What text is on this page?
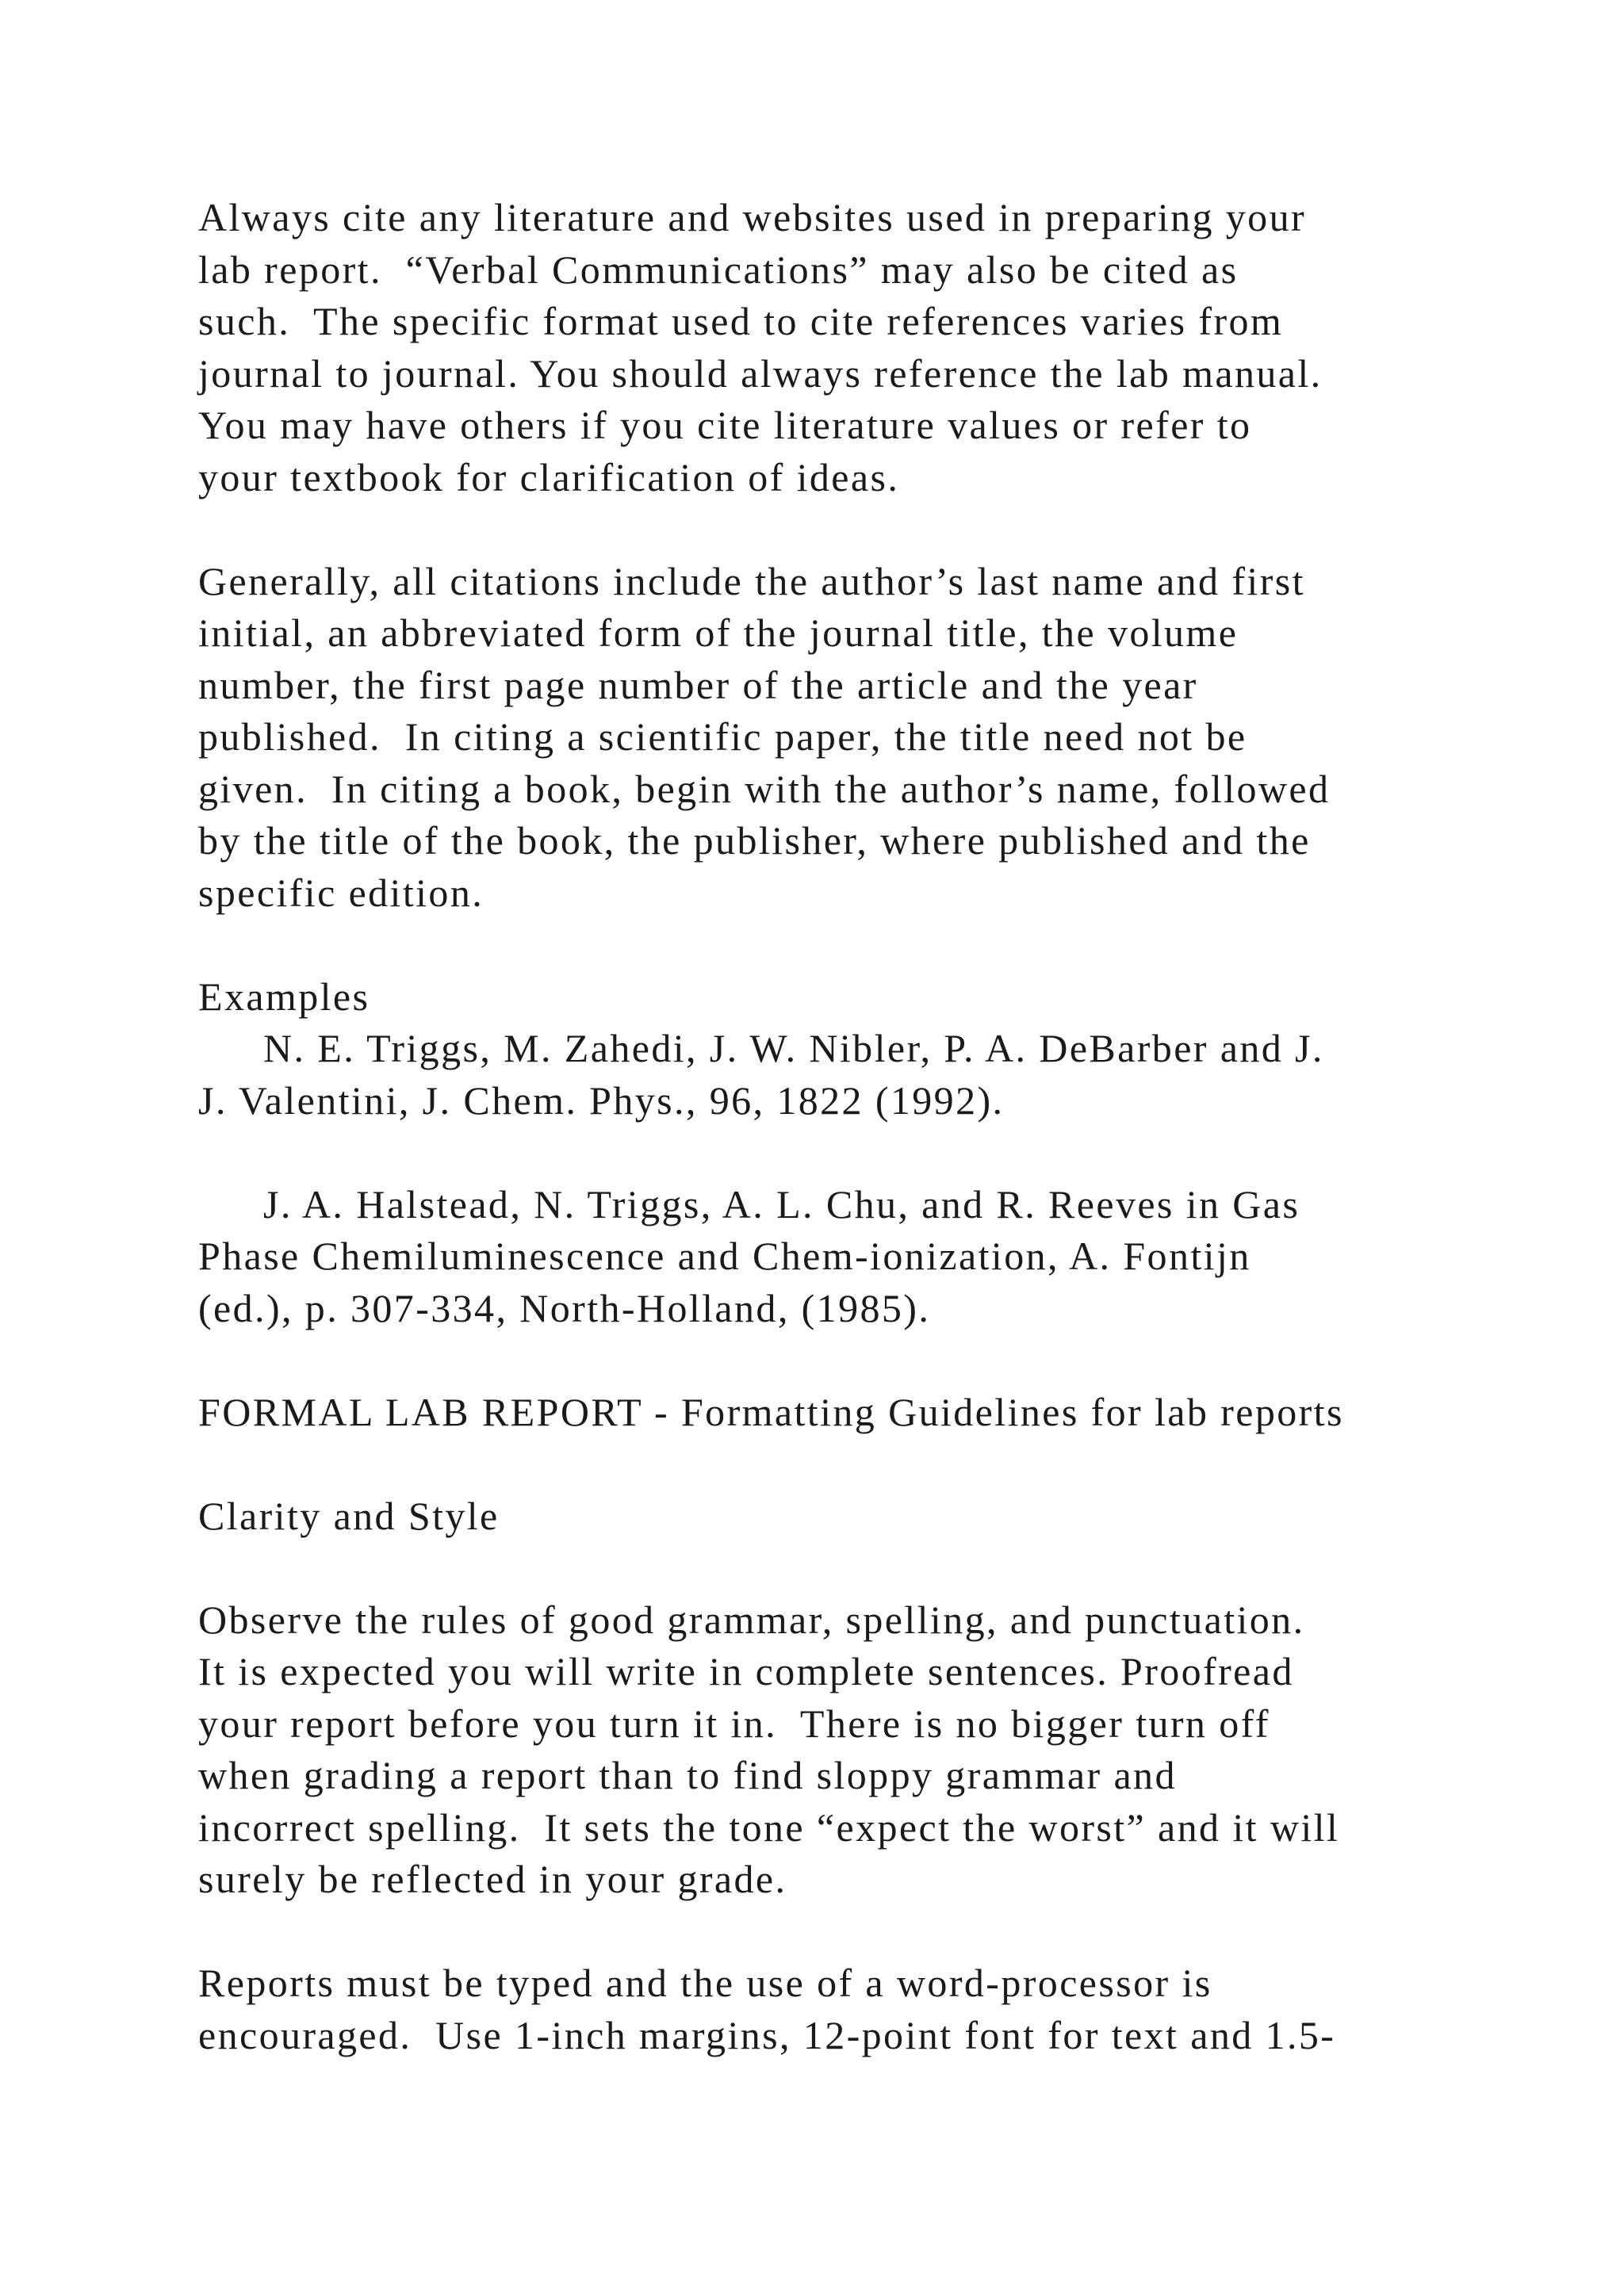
Always cite any literature and websites used in preparing your
lab report.  “Verbal Communications” may also be cited as
such.  The specific format used to cite references varies from
journal to journal. You should always reference the lab manual.
You may have others if you cite literature values or refer to
your textbook for clarification of ideas.
Generally, all citations include the author’s last name and first
initial, an abbreviated form of the journal title, the volume
number, the first page number of the article and the year
published.  In citing a scientific paper, the title need not be
given.  In citing a book, begin with the author’s name, followed
by the title of the book, the publisher, where published and the
specific edition.
Examples
N. E. Triggs, M. Zahedi, J. W. Nibler, P. A. DeBarber and J.
J. Valentini, J. Chem. Phys., 96, 1822 (1992).
J. A. Halstead, N. Triggs, A. L. Chu, and R. Reeves in Gas
Phase Chemiluminescence and Chem-ionization, A. Fontijn
(ed.), p. 307-334, North-Holland, (1985).
FORMAL LAB REPORT - Formatting Guidelines for lab reports
Clarity and Style
Observe the rules of good grammar, spelling, and punctuation.
It is expected you will write in complete sentences. Proofread
your report before you turn it in.  There is no bigger turn off
when grading a report than to find sloppy grammar and
incorrect spelling.  It sets the tone “expect the worst” and it will
surely be reflected in your grade.
Reports must be typed and the use of a word-processor is
encouraged.  Use 1-inch margins, 12-point font for text and 1.5-
